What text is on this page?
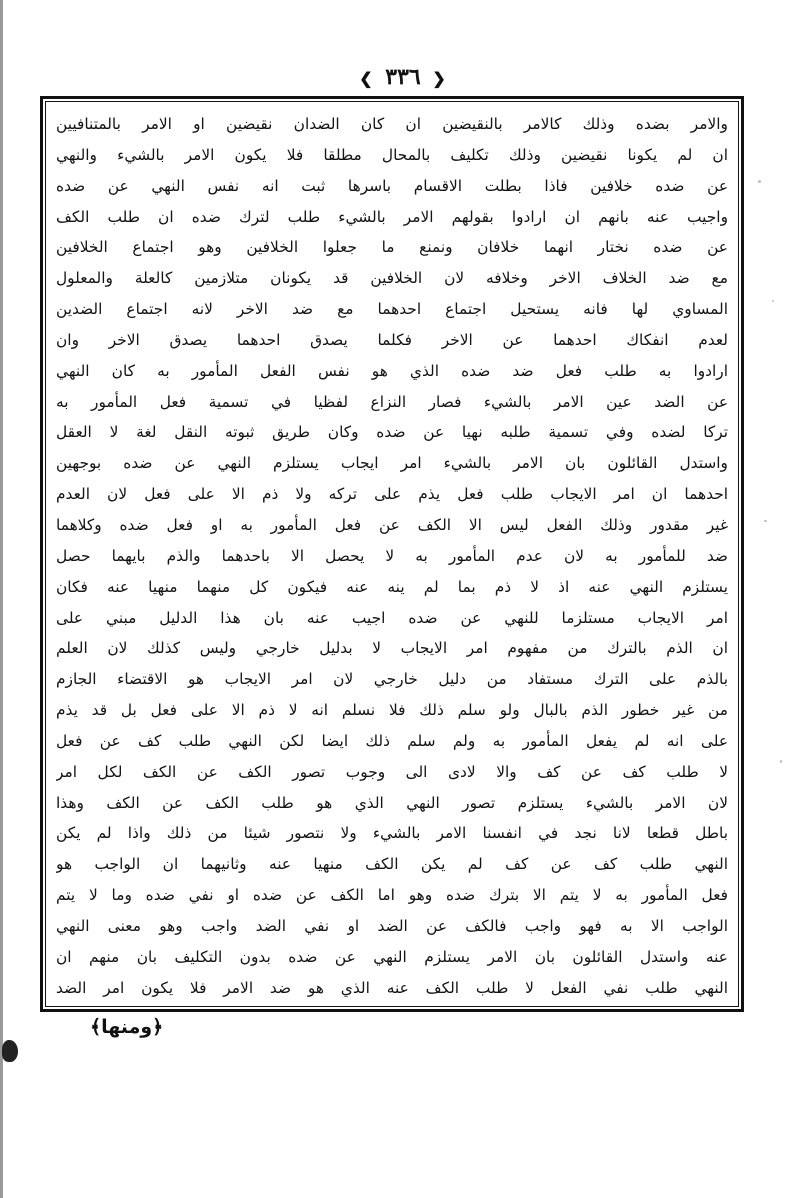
❮ ٣٣٦ ❯
والامر بضده وذلك كالامر بالنقيضين ان كان الضدان نقيضين او الامر بالمتنافيين
ان لم يكونا نقيضين وذلك تكليف بالمحال مطلقا فلا يكون الامر بالشيء والنهي
عن ضده خلافين فاذا بطلت الاقسام باسرها ثبت انه نفس النهي عن ضده
واجيب عنه بانهم ان ارادوا بقولهم الامر بالشيء طلب لترك ضده ان طلب الكف
عن ضده نختار انهما خلافان ونمنع ما جعلوا الخلافين وهو اجتماع الخلافين
مع ضد الخلاف الاخر وخلافه لان الخلافين قد يكونان متلازمين كالعلة والمعلول
المساوي لها فانه يستحيل اجتماع احدهما مع ضد الاخر لانه اجتماع الضدين
لعدم انفكاك احدهما عن الاخر فكلما يصدق احدهما يصدق الاخر وان
ارادوا به طلب فعل ضد ضده الذي هو نفس الفعل المأمور به كان النهي
عن الضد عين الامر بالشيء فصار النزاع لفظيا في تسمية فعل المأمور به
تركا لضده وفي تسمية طلبه نهيا عن ضده وكان طريق ثبوته النقل لغة لا العقل
واستدل القائلون بان الامر بالشيء امر ايجاب يستلزم النهي عن ضده بوجهين
احدهما ان امر الايجاب طلب فعل يذم على تركه ولا ذم الا على فعل لان العدم
غير مقدور وذلك الفعل ليس الا الكف عن فعل المأمور به او فعل ضده وكلاهما
ضد للمأمور به لان عدم المأمور به لا يحصل الا باحدهما والذم بايهما حصل
يستلزم النهي عنه اذ لا ذم بما لم ينه عنه فيكون كل منهما منهيا عنه فكان
امر الايجاب مستلزما للنهي عن ضده اجيب عنه بان هذا الدليل مبني على
ان الذم بالترك من مفهوم امر الايجاب لا بدليل خارجي وليس كذلك لان العلم
بالذم على الترك مستفاد من دليل خارجي لان امر الايجاب هو الاقتضاء الجازم
من غير خطور الذم بالبال ولو سلم ذلك فلا نسلم انه لا ذم الا على فعل بل قد يذم
على انه لم يفعل المأمور به ولم سلم ذلك ايضا لكن النهي طلب كف عن فعل
لا طلب كف عن كف والا لادى الى وجوب تصور الكف عن الكف لكل امر
لان الامر بالشيء يستلزم تصور النهي الذي هو طلب الكف عن الكف وهذا
باطل قطعا لانا نجد في انفسنا الامر بالشيء ولا نتصور شيئا من ذلك واذا لم يكن
النهي طلب كف عن كف لم يكن الكف منهيا عنه وثانيهما ان الواجب هو
فعل المأمور به لا يتم الا بترك ضده وهو اما الكف عن ضده او نفي ضده وما لا يتم
الواجب الا به فهو واجب فالكف عن الضد او نفي الضد واجب وهو معنى النهي
عنه واستدل القائلون بان الامر يستلزم النهي عن ضده بدون التكليف بان منهم ان
النهي طلب نفي الفعل لا طلب الكف عنه الذي هو ضد الامر فلا يكون امر الضد
﴿ومنها﴾
